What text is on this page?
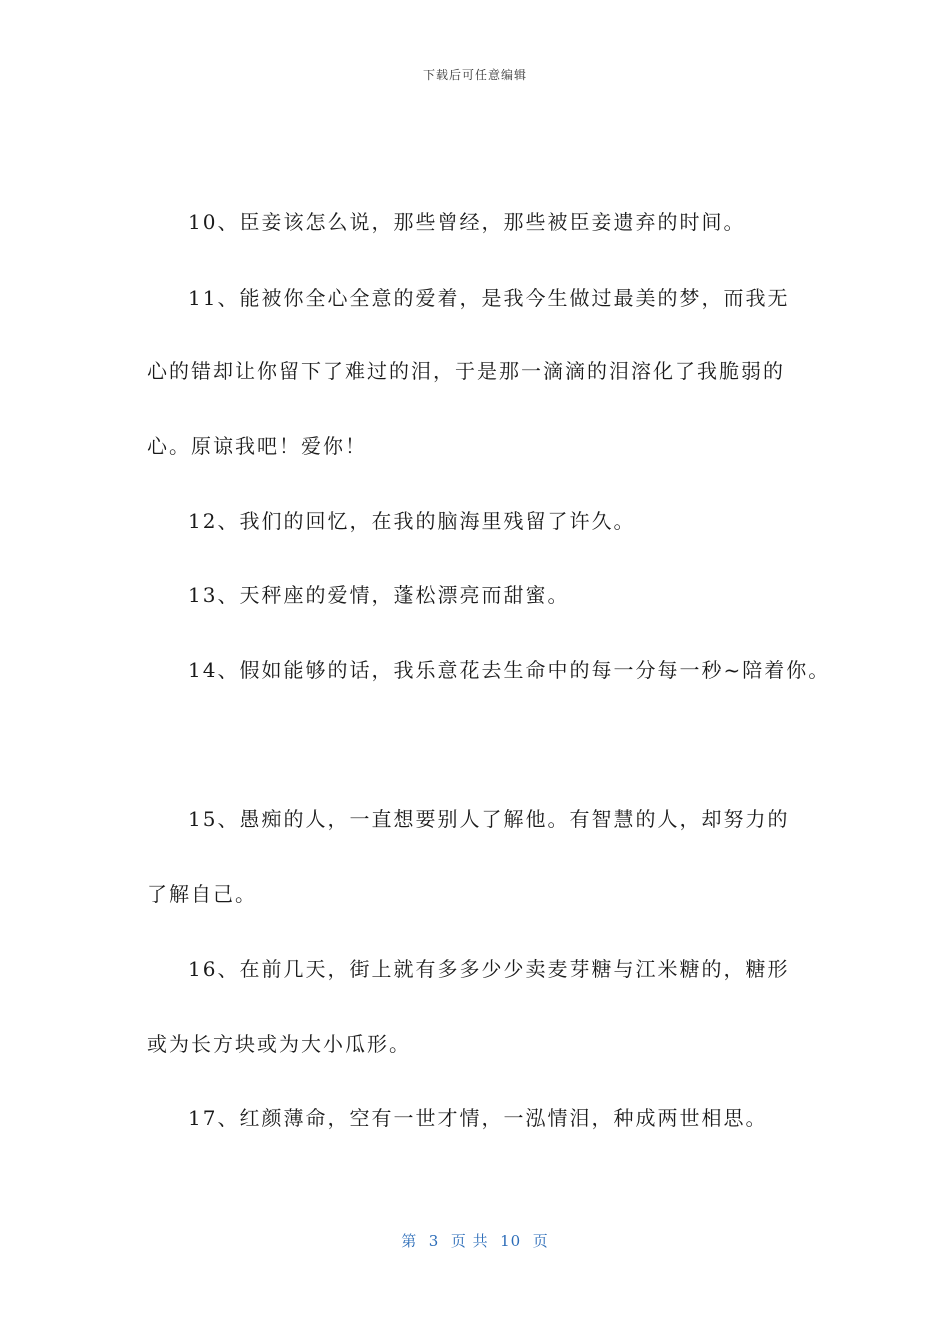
下载后可任意编辑
10、臣妾该怎么说，那些曾经，那些被臣妾遗弃的时间。
11、能被你全心全意的爱着，是我今生做过最美的梦，而我无
心的错却让你留下了难过的泪，于是那一滴滴的泪溶化了我脆弱的
心。原谅我吧！爱你！
12、我们的回忆，在我的脑海里残留了许久。
13、天秤座的爱情，蓬松漂亮而甜蜜。
14、假如能够的话，我乐意花去生命中的每一分每一秒~陪着你。
15、愚痴的人，一直想要别人了解他。有智慧的人，却努力的
了解自己。
16、在前几天，街上就有多多少少卖麦芽糖与江米糖的，糖形
或为长方块或为大小瓜形。
17、红颜薄命，空有一世才情，一泓情泪，种成两世相思。
第  3  页 共  10  页
